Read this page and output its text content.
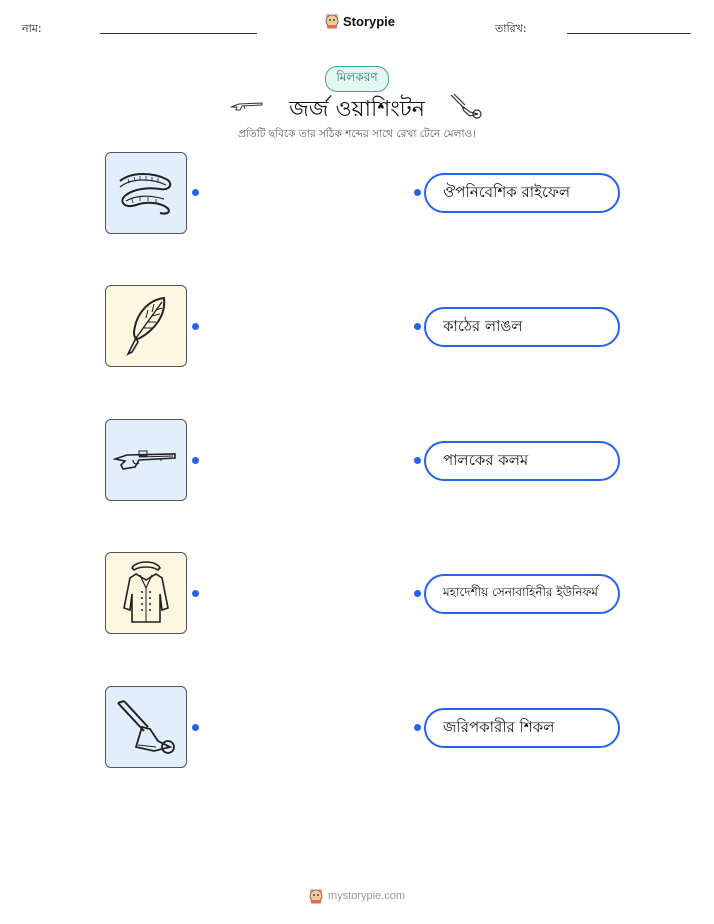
নাম:	Storypie	তারিখ:
মিলকরণ
জর্জ ওয়াশিংটন
প্রতিটি ছবিকে তার সঠিক শব্দের সাথে রেখা টেনে মেলাও।
ঔপনিবেশিক রাইফেল
কাঠের লাঙল
পালকের কলম
মহাদেশীয় সেনাবাহিনীর ইউনিফর্ম
জরিপকারীর শিকল
mystorypie.com
